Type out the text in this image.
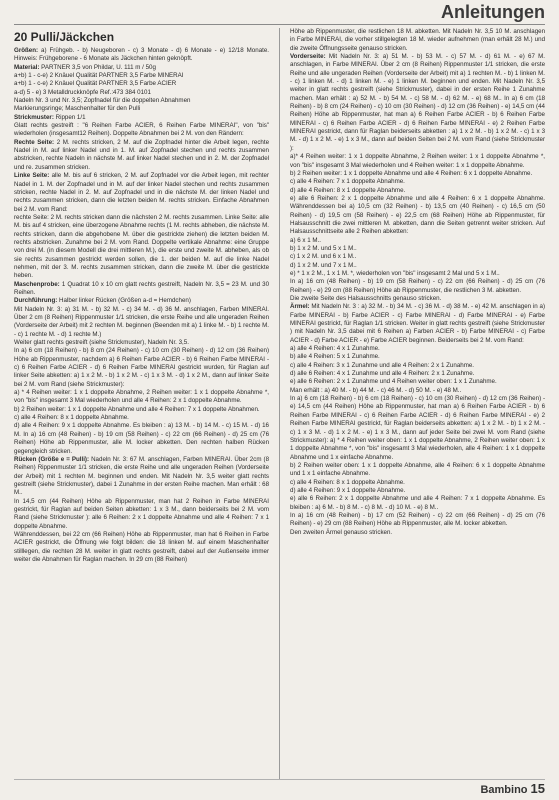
Anleitungen
20 Pulli/Jäckchen

Größen: a) Frühgeb. - b) Neugeboren - c) 3 Monate - d) 6 Monate - e) 12/18 Monate. Hinweis: Frühgeborene - 6 Monate als Jäckchen hinten geknöpft.

Material: PARTNER 3,5 von Phildar, U. 111 m / 50g

a+b) 1 - c-e) 2 Knäuel Qualität PARTNER 3,5 Farbe MINERAI

a+b) 1 - c-e) 2 Knäuel Qualität PARTNER 3,5 Farbe ACIER

a-d) 5 - e) 3 Metalldruckknöpfe Ref.:473 384 0101

Nadeln Nr. 3 und Nr. 3,5; Zopfnadel für die doppelten Abnahmen

Markierungsringe; Maschenhalter für den Pulli

Strickmuster: Rippen 1/1

Glatt rechts gestreift : "6 Reihen Farbe ACIER, 6 Reihen Farbe MINERAI", von "bis" wiederholen (insgesamt12 Reihen). Doppelte Abnahmen bei 2 M. von den Rändern:

Rechte Seite: 2 M. rechts stricken, 2 M. auf die Zopfnadel hinter die Arbeit legen, rechte Nadel in M. auf linker Nadel und in 1. M. auf Zopfnadel stechen und rechts zusammen abstricken, rechte Nadeln in nächste M. auf linker Nadel stechen und in 2. M. der Zopfnadel und re. zusammen stricken.

Linke Seite: alle M. bis auf 6 stricken, 2 M. auf Zopfnadel vor die Arbeit legen, mit rechter Nadel in 1. M. der Zopfnadel und in M. auf der linker Nadel stechen und rechts zusammen stricken, rechte Nadel in 2. M. auf Zopfnadel und in die nächste M. der linken Nadel und rechts zusammen stricken, dann die letzten beiden M. rechts stricken. Einfache Abnahmen bei 2 M. vom Rand:

rechte Seite: 2 M. rechts stricken dann die nächsten 2 M. rechts zusammen. Linke Seite: alle M. bis auf 4 stricken, eine überzogene Abnahme rechts (1 M. rechts abheben, die nächste M. rechts stricken, dann die abgehobene M. über die gestrickte ziehen) die letzten beiden M. rechts abstricken. Zunahme bei 2 M. vom Rand. Doppelte vertikale Abnahme: eine Gruppe von drei M. (in diesem Modell die drei mittleren M.), die erste und zweite M. abheben, als ob sie rechts zusammen gestrickt werden sollen, die 1. der beiden M. auf die linke Nadel nehmen, mit der 3. M. rechts zusammen stricken, dann die zweite M. über die gestrickte heben.

Maschenprobe: 1 Quadrat 10 x 10 cm glatt rechts gestreift, Nadeln Nr. 3,5 = 23 M. und 30 Reihen.

Durchführung: Halber linker Rücken (Größen a-d = Hemdchen)

Mit Nadeln Nr. 3: a) 31 M. - b) 32 M. - c) 34 M. - d) 36 M. anschlagen, Farben MINERAI. Über 2 cm (8 Reihen) Rippenmuster 1/1 stricken, die erste Reihe und alle ungeraden Reihen (Vorderseite der Arbeit) mit 2 rechten M. beginnen (Beenden mit a) 1 linke M. - b) 1 rechte M. - c) 1 rechte M. - d) 1 rechte M.)

Weiter glatt rechts gestreift (siehe Strickmuster), Nadeln Nr. 3,5.

In a) 6 cm (18 Reihen) - b) 8 cm (24 Reihen) - c) 10 cm (30 Reihen) - d) 12 cm (36 Reihen) Höhe ab Rippenmuster, nachdem a) 6 Reihen Farbe ACIER - b) 6 Reihen Farbe MINERAI - c) 6 Reihen Farbe ACIER - d) 6 Reihen Farbe MINERAI gestrickt wurden, für Raglan auf linker Seite abketten: a) 1 x 2 M. - b) 1 x 2 M. - c) 1 x 3 M. - d) 1 x 2 M., dann auf linker Seite bei 2 M. vom Rand (siehe Strickmuster):

a) * 4 Reihen weiter: 1 x 1 doppelte Abnahme, 2 Reihen weiter: 1 x 1 doppelte Abnahme *, von "bis" insgesamt 3 Mal wiederholen und alle 4 Reihen: 2 x 1 doppelte Abnahme.

b) 2 Reihen weiter: 1 x 1 doppelte Abnahme und alle 4 Reihen: 7 x 1 doppelte Abnahmen.

c) alle 4 Reihen: 8 x 1 doppelte Abnahme.

d) alle 4 Reihen: 9 x 1 doppelte Abnahme. Es bleiben : a) 13 M. - b) 14 M. - c) 15 M. - d) 16 M. In a) 16 cm (48 Reihen) - b) 19 cm (58 Reihen) - c) 22 cm (66 Reihen) - d) 25 cm (76 Reihen) Höhe ab Rippenmuster, alle M. locker abketten. Den rechten halben Rücken gegengleich stricken.

Rücken (Größe e = Pulli): Nadeln Nr. 3: 67 M. anschlagen, Farben MINERAI. Über 2cm (8 Reihen) Rippenmuster 1/1 stricken, die erste Reihe und alle ungeraden Reihen (Vorderseite der Arbeit) mit 1 rechten M. beginnen und enden. Mit Nadeln Nr. 3,5 weiter glatt rechts gestreift (siehe Strickmuster), dabei 1 Zunahme in der ersten Reihe machen. Man erhält : 68 M..

In 14,5 cm (44 Reihen) Höhe ab Rippenmuster, man hat 2 Reihen in Farbe MINERAI gestrickt, für Raglan auf beiden Seiten abketten: 1 x 3 M., dann beiderseits bei 2 M. vom Rand (siehe Strickmuster ): alle 6 Reihen: 2 x 1 doppelte Abnahme und alle 4 Reihen: 7 x 1 doppelte Abnahme.

Währenddessen, bei 22 cm (66 Reihen) Höhe ab Rippenmuster, man hat 6 Reihen in Farbe ACIER gestrickt, die Öffnung wie folgt bilden: die 18 linken M. auf einem Maschenhalter stilllegen, die rechten 28 M. weiter in glatt rechts gestreift, dabei auf der Außenseite immer weiter die Abnahmen für Raglan machen. In 29 cm (88 Reihen)

Höhe ab Rippenmuster, die restlichen 18 M. abketten. Mit Nadeln Nr. 3,5 10 M. anschlagen in Farbe MINERAI, die vorher stillgelegten 18 M. wieder aufnehmen (man erhält 28 M.) und die zweite Öffnungsseite genauso stricken.

Vorderseite: Mit Nadeln Nr. 3: a) 51 M. - b) 53 M. - c) 57 M. - d) 61 M. - e) 67 M. anschlagen, in Farbe MINERAI. Über 2 cm (8 Reihen) Rippenmuster 1/1 stricken, die erste Reihe und alle ungeraden Reihen (Vorderseite der Arbeit) mit a) 1 rechten M. - b) 1 linken M. - c) 1 linken M. - d) 1 linken M. - e) 1 linken M. beginnen und enden. Mit Nadeln Nr. 3,5 weiter in glatt rechts gestreift (siehe Strickmuster), dabei in der ersten Reihe 1 Zunahme machen. Man erhält : a) 52 M. - b) 54 M. - c) 58 M. - d) 62 M. - e) 68 M.. In a) 6 cm (18 Reihen) - b) 8 cm (24 Reihen) - c) 10 cm (30 Reihen) - d) 12 cm (36 Reihen) - e) 14,5 cm (44 Reihen) Höhe ab Rippenmuster, hat man a) 6 Reihen Farbe ACIER - b) 6 Reihen Farbe MINERAI - c) 6 Reihen Farbe ACIER - d) 6 Reihen Farbe MINERAI - e) 2 Reihen Farbe MINERAI gestrickt, dann für Raglan beiderseits abketten : a) 1 x 2 M. - b) 1 x 2 M. - c) 1 x 3 M. - d) 1 x 2 M. - e) 1 x 3 M., dann auf beiden Seiten bei 2 M. vom Rand (siehe Strickmuster ):

a)* 4 Reihen weiter: 1 x 1 doppelte Abnahme, 2 Reihen weiter: 1 x 1 doppelte Abnahme *, von "bis" insgesamt 3 Mal wiederholen und 4 Reihen weiter: 1 x 1 doppelte Abnahme.

b) 2 Reihen weiter: 1 x 1 doppelte Abnahme und alle 4 Reihen: 6 x 1 doppelte Abnahme.

c) alle 4 Reihen: 7 x 1 doppelte Abnahme.

d) alle 4 Reihen: 8 x 1 doppelte Abnahme.

e) alle 6 Reihen: 2 x 1 doppelte Abnahme und alle 4 Reihen: 6 x 1 doppelte Abnahme. Währenddessen bei a) 10,5 cm (32 Reihen) - b) 13,5 cm (40 Reihen) - c) 16,5 cm (50 Reihen) - d) 19,5 cm (58 Reihen) - e) 22,5 cm (68 Reihen) Höhe ab Rippenmuster, für Halsausschnitt die zwei mittleren M. abketten, dann die Seiten getrennt weiter stricken. Auf Halsausschnittseite alle 2 Reihen abketten:

a) 6 x 1 M..

b) 1 x 2 M. und 5 x 1 M..

c) 1 x 2 M. und 6 x 1 M..

d) 1 x 2 M. und 7 x 1 M..

e) * 1 x 2 M., 1 x 1 M. *, wiederholen von "bis" insgesamt 2 Mal und 5 x 1 M..

In a) 16 cm (48 Reihen) - b) 19 cm (58 Reihen) - c) 22 cm (66 Reihen) - d) 25 cm (76 Reihen) - e) 29 cm (88 Reihen) Höhe ab Rippenmuster, die restlichen 3 M. abketten.

Die zweite Seite des Halsausschnitts genauso stricken.

Ärmel: Mit Nadeln Nr. 3 : a) 32 M. - b) 34 M. - c) 36 M. - d) 38 M. - e) 42 M. anschlagen in a) Farbe MINERAI - b) Farbe ACIER - c) Farbe MINERAI - d) Farbe MINERAI - e) Farbe MINERAI gestrickt, für Raglan 1/1 stricken. Weiter in glatt rechts gestreift (siehe Strickmuster ) mit Nadeln Nr. 3,5 dabei mit 6 Reihen a) Farben ACIER - b) Farbe MINERAI - c) Farbe ACIER - d) Farbe ACIER - e) Farbe ACIER beginnen. Beiderseits bei 2 M. vom Rand:

a) alle 4 Reihen: 4 x 1 Zunahme.

b) alle 4 Reihen: 5 x 1 Zunahme.

c) alle 4 Reihen: 3 x 1 Zunahme und alle 4 Reihen: 2 x 1 Zunahme.

d) alle 6 Reihen: 4 x 1 Zunahme und alle 4 Reihen: 2 x 1 Zunahme.

e) alle 6 Reihen: 2 x 1 Zunahme und 4 Reihen weiter oben: 1 x 1 Zunahme.

Man erhält : a) 40 M. - b) 44 M. - c) 46 M. - d) 50 M. - e) 48 M..

In a) 6 cm (18 Reihen) - b) 6 cm (18 Reihen) - c) 10 cm (30 Reihen) - d) 12 cm (36 Reihen) - e) 14,5 cm (44 Reihen) Höhe ab Rippenmuster, hat man a) 6 Reihen Farbe ACIER - b) 6 Reihen Farbe MINERAI - c) 6 Reihen Farbe ACIER - d) 6 Reihen Farbe MINERAI - e) 2 Reihen Farbe MINERAI gestrickt, für Raglan beiderseits abketten: a) 1 x 2 M. - b) 1 x 2 M. - c) 1 x 3 M. - d) 1 x 2 M. - e) 1 x 3 M., dann auf jeder Seite bei zwei M. vom Rand (siehe Strickmuster): a) * 4 Reihen weiter oben: 1 x 1 doppelte Abnahme, 2 Reihen weiter oben: 1 x 1 doppelte Abnahme *, von "bis" insgesamt 3 Mal wiederholen, alle 4 Reihen: 1 x 1 doppelte Abnahme und 1 x einfache Abnahme.

b) 2 Reihen weiter oben: 1 x 1 doppelte Abnahme, alle 4 Reihen: 6 x 1 doppelte Abnahme und 1 x 1 einfache Abnahme.

c) alle 4 Reihen: 8 x 1 doppelte Abnahme.

d) alle 4 Reihen: 9 x 1 doppelte Abnahme.

e) alle 6 Reihen: 2 x 1 doppelte Abnahme und alle 4 Reihen: 7 x 1 doppelte Abnahme. Es bleiben : a) 6 M. - b) 8 M. - c) 8 M. - d) 10 M. - e) 8 M..

In a) 16 cm (48 Reihen) - b) 17 cm (52 Reihen) - c) 22 cm (66 Reihen) - d) 25 cm (76 Reihen) - e) 29 cm (88 Reihen) Höhe ab Rippenmuster, alle M. locker abketten.

Den zweiten Ärmel genauso stricken.

Bambino 15
